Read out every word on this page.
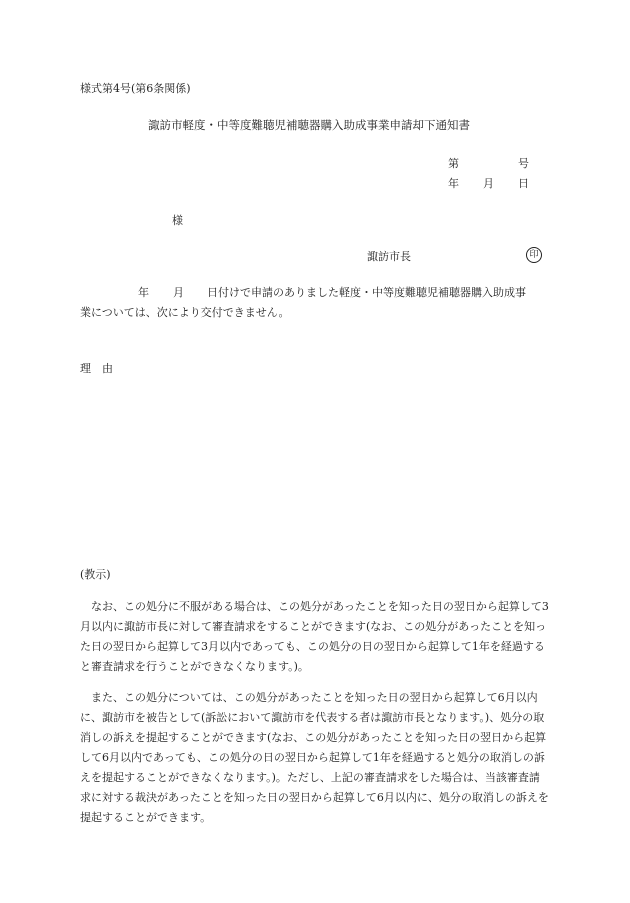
様式第4号(第6条関係)
諏訪市軽度・中等度難聴児補聴器購入助成事業申請却下通知書
第	号
年 月 日
様
諏訪市長	印
年 月 日付けで申請のありました軽度・中等度難聴児補聴器購入助成事
業については、次により交付できません。
理　由
(教示)
なお、この処分に不服がある場合は、この処分があったことを知った日の翌日から起算して3月以内に諏訪市長に対して審査請求をすることができます(なお、この処分があったことを知った日の翌日から起算して3月以内であっても、この処分の日の翌日から起算して1年を経過すると審査請求を行うことができなくなります。)。
また、この処分については、この処分があったことを知った日の翌日から起算して6月以内に、諏訪市を被告として(訴訟において諏訪市を代表する者は諏訪市長となります。)、処分の取消しの訴えを提起することができます(なお、この処分があったことを知った日の翌日から起算して6月以内であっても、この処分の日の翌日から起算して1年を経過すると処分の取消しの訴えを提起することができなくなります。)。ただし、上記の審査請求をした場合は、当該審査請求に対する裁決があったことを知った日の翌日から起算して6月以内に、処分の取消しの訴えを提起することができます。
